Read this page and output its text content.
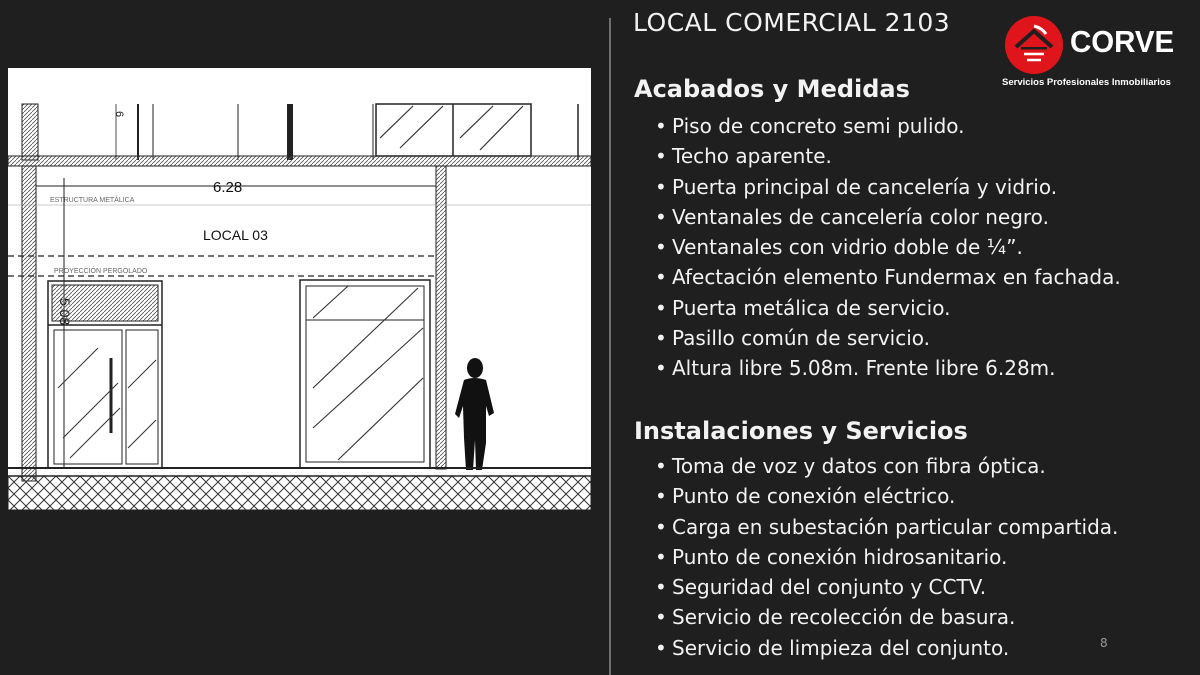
6
6.28
ESTRUCTURA METÁLICA
LOCAL 03
PROYECCIÓN PERGOLADO
LOCAL COMERCIAL 2103
CORVE
Servicios Profesionales Inmobiliarios
Acabados y Medidas
• Piso de concreto semi pulido.
• Techo aparente.
• Puerta principal de cancelería y vidrio.
• Ventanales de cancelería color negro.
• Ventanales con vidrio doble de ¼”.
• Afectación elemento Fundermax en fachada.
• Puerta metálica de servicio.
• Pasillo común de servicio.
• Altura libre 5.08m. Frente libre 6.28m.
Instalaciones y Servicios
• Toma de voz y datos con fibra óptica.
• Punto de conexión eléctrico.
• Carga en subestación particular compartida.
• Punto de conexión hidrosanitario.
• Seguridad del conjunto y CCTV.
• Servicio de recolección de basura.
• Servicio de limpieza del conjunto.	8
